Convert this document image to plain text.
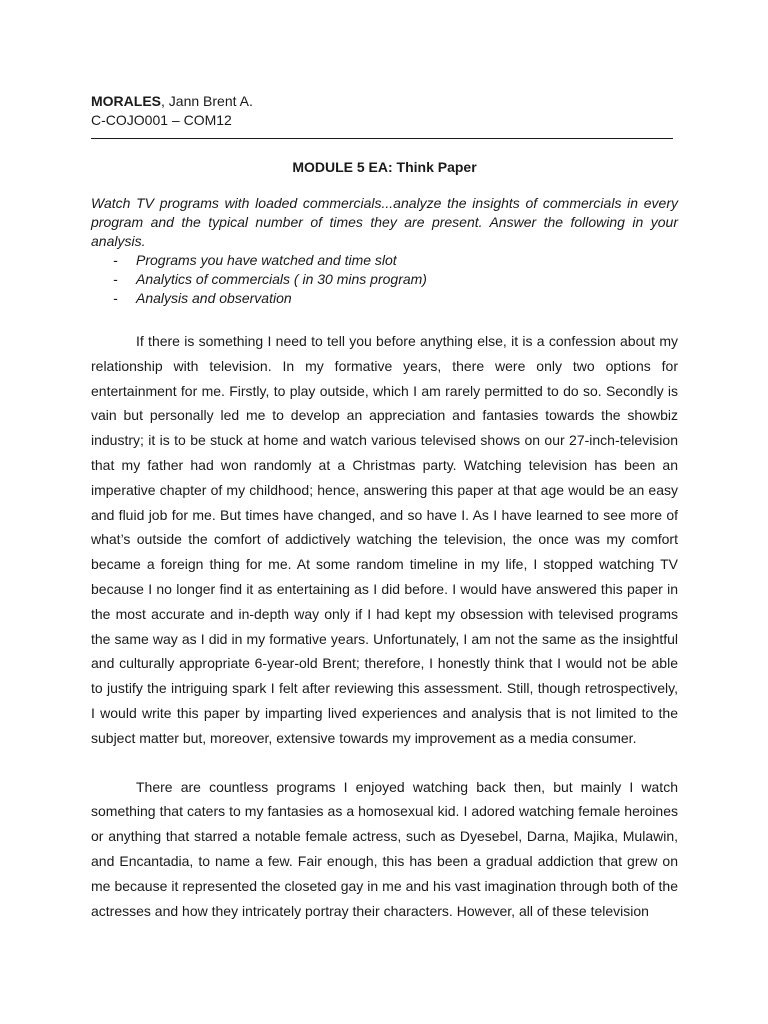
MORALES, Jann Brent A.

C-COJO001 – COM12

MODULE 5 EA: Think Paper

Watch TV programs with loaded commercials...analyze the insights of commercials in every program and the typical number of times they are present. Answer the following in your analysis.

- Programs you have watched and time slot
- Analytics of commercials ( in 30 mins program)
- Analysis and observation

If there is something I need to tell you before anything else, it is a confession about my relationship with television. In my formative years, there were only two options for entertainment for me. Firstly, to play outside, which I am rarely permitted to do so. Secondly is vain but personally led me to develop an appreciation and fantasies towards the showbiz industry; it is to be stuck at home and watch various televised shows on our 27-inch-television that my father had won randomly at a Christmas party. Watching television has been an imperative chapter of my childhood; hence, answering this paper at that age would be an easy and fluid job for me. But times have changed, and so have I. As I have learned to see more of what’s outside the comfort of addictively watching the television, the once was my comfort became a foreign thing for me. At some random timeline in my life, I stopped watching TV because I no longer find it as entertaining as I did before. I would have answered this paper in the most accurate and in-depth way only if I had kept my obsession with televised programs the same way as I did in my formative years. Unfortunately, I am not the same as the insightful and culturally appropriate 6-year-old Brent; therefore, I honestly think that I would not be able to justify the intriguing spark I felt after reviewing this assessment. Still, though retrospectively, I would write this paper by imparting lived experiences and analysis that is not limited to the subject matter but, moreover, extensive towards my improvement as a media consumer.

There are countless programs I enjoyed watching back then, but mainly I watch something that caters to my fantasies as a homosexual kid. I adored watching female heroines or anything that starred a notable female actress, such as Dyesebel, Darna, Majika, Mulawin, and Encantadia, to name a few. Fair enough, this has been a gradual addiction that grew on me because it represented the closeted gay in me and his vast imagination through both of the actresses and how they intricately portray their characters. However, all of these television
